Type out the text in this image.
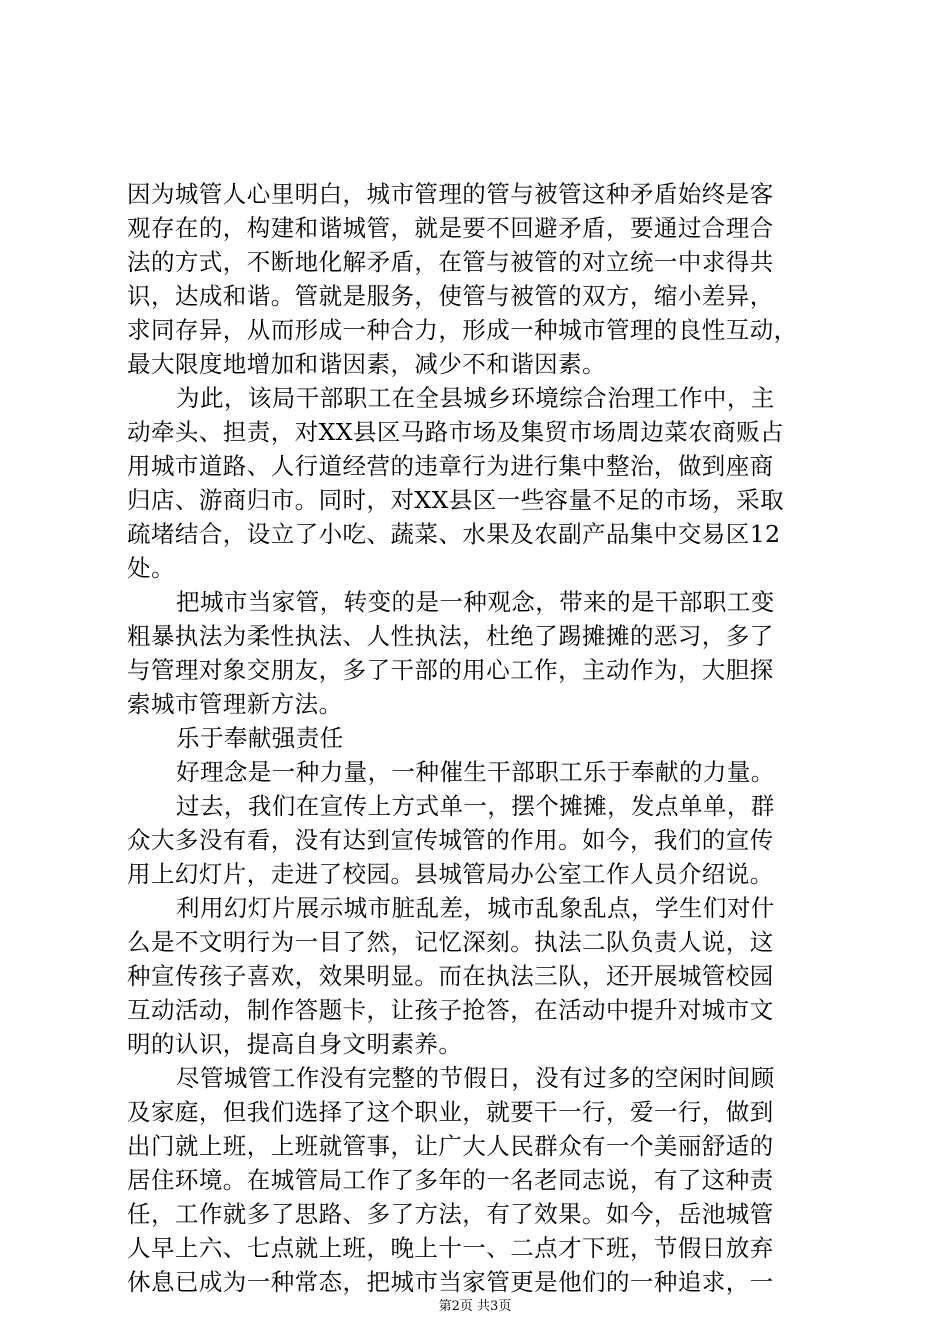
因为城管人心里明白，城市管理的管与被管这种矛盾始终是客
观存在的，构建和谐城管，就是要不回避矛盾，要通过合理合
法的方式，不断地化解矛盾，在管与被管的对立统一中求得共
识，达成和谐。管就是服务，使管与被管的双方，缩小差异，
求同存异，从而形成一种合力，形成一种城市管理的良性互动，
最大限度地增加和谐因素，减少不和谐因素。
为此，该局干部职工在全县城乡环境综合治理工作中，主
动牵头、担责，对XX县区马路市场及集贸市场周边菜农商贩占
用城市道路、人行道经营的违章行为进行集中整治，做到座商
归店、游商归市。同时，对XX县区一些容量不足的市场，采取
疏堵结合，设立了小吃、蔬菜、水果及农副产品集中交易区12
处。
把城市当家管，转变的是一种观念，带来的是干部职工变
粗暴执法为柔性执法、人性执法，杜绝了踢摊摊的恶习，多了
与管理对象交朋友，多了干部的用心工作，主动作为，大胆探
索城市管理新方法。
乐于奉献强责任
好理念是一种力量，一种催生干部职工乐于奉献的力量。
过去，我们在宣传上方式单一，摆个摊摊，发点单单，群
众大多没有看，没有达到宣传城管的作用。如今，我们的宣传
用上幻灯片，走进了校园。县城管局办公室工作人员介绍说。
利用幻灯片展示城市脏乱差，城市乱象乱点，学生们对什
么是不文明行为一目了然，记忆深刻。执法二队负责人说，这
种宣传孩子喜欢，效果明显。而在执法三队，还开展城管校园
互动活动，制作答题卡，让孩子抢答，在活动中提升对城市文
明的认识，提高自身文明素养。
尽管城管工作没有完整的节假日，没有过多的空闲时间顾
及家庭，但我们选择了这个职业，就要干一行，爱一行，做到
出门就上班，上班就管事，让广大人民群众有一个美丽舒适的
居住环境。在城管局工作了多年的一名老同志说，有了这种责
任，工作就多了思路、多了方法，有了效果。如今，岳池城管
人早上六、七点就上班，晚上十一、二点才下班，节假日放弃
休息已成为一种常态，把城市当家管更是他们的一种追求，一
第2页 共3页
